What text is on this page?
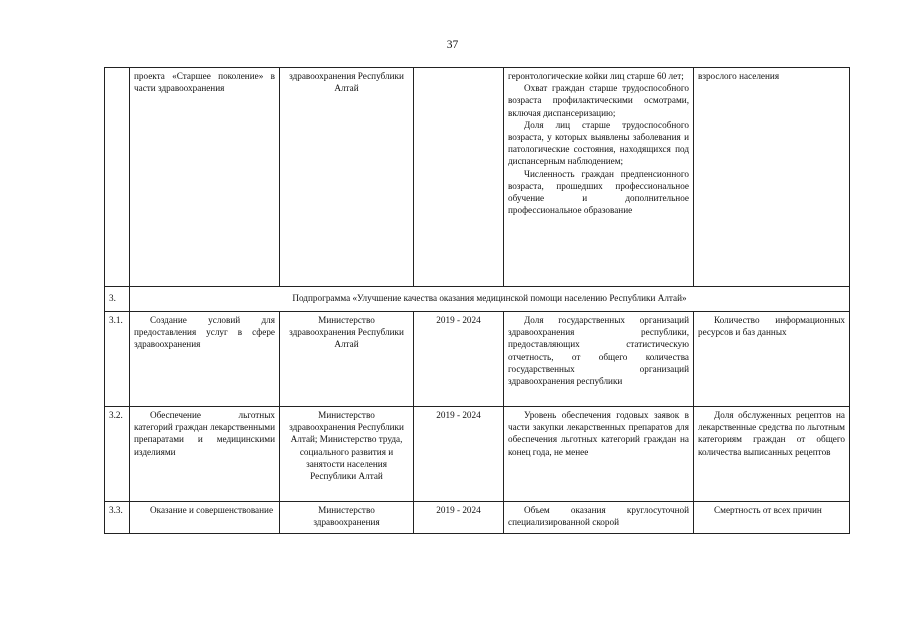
37
	проекта «Старшее поколение» в части здравоохранения	здравоохранения Республики Алтай		геронтологические койки лиц старше 60 лет;

Охват граждан старше трудоспособного возраста профилактическими осмотрами, включая диспансеризацию;

Доля лиц старше трудоспособного возраста, у которых выявлены заболевания и патологические состояния, находящихся под диспансерным наблюдением;

Численность граждан предпенсионного возраста, прошедших профессиональное обучение и дополнительное профессиональное образование	взрослого населения
3.	Подпрограмма «Улучшение качества оказания медицинской помощи населению Республики Алтай»				
3.1.	Создание условий для предоставления услуг в сфере здравоохранения	Министерство здравоохранения Республики Алтай	2019 - 2024	Доля государственных организаций здравоохранения республики, предоставляющих статистическую отчетность, от общего количества государственных организаций здравоохранения республики	Количество информационных ресурсов и баз данных
3.2.	Обеспечение льготных категорий граждан лекарственными препаратами и медицинскими изделиями	Министерство здравоохранения Республики Алтай; Министерство труда, социального развития и занятости населения Республики Алтай	2019 - 2024	Уровень обеспечения годовых заявок в части закупки лекарственных препаратов для обеспечения льготных категорий граждан на конец года, не менее	Доля обслуженных рецептов на лекарственные средства по льготным категориям граждан от общего количества выписанных рецептов
3.3.	Оказание и совершенствование	Министерство здравоохранения	2019 - 2024	Объем оказания круглосуточной специализированной скорой	Смертность от всех причин
